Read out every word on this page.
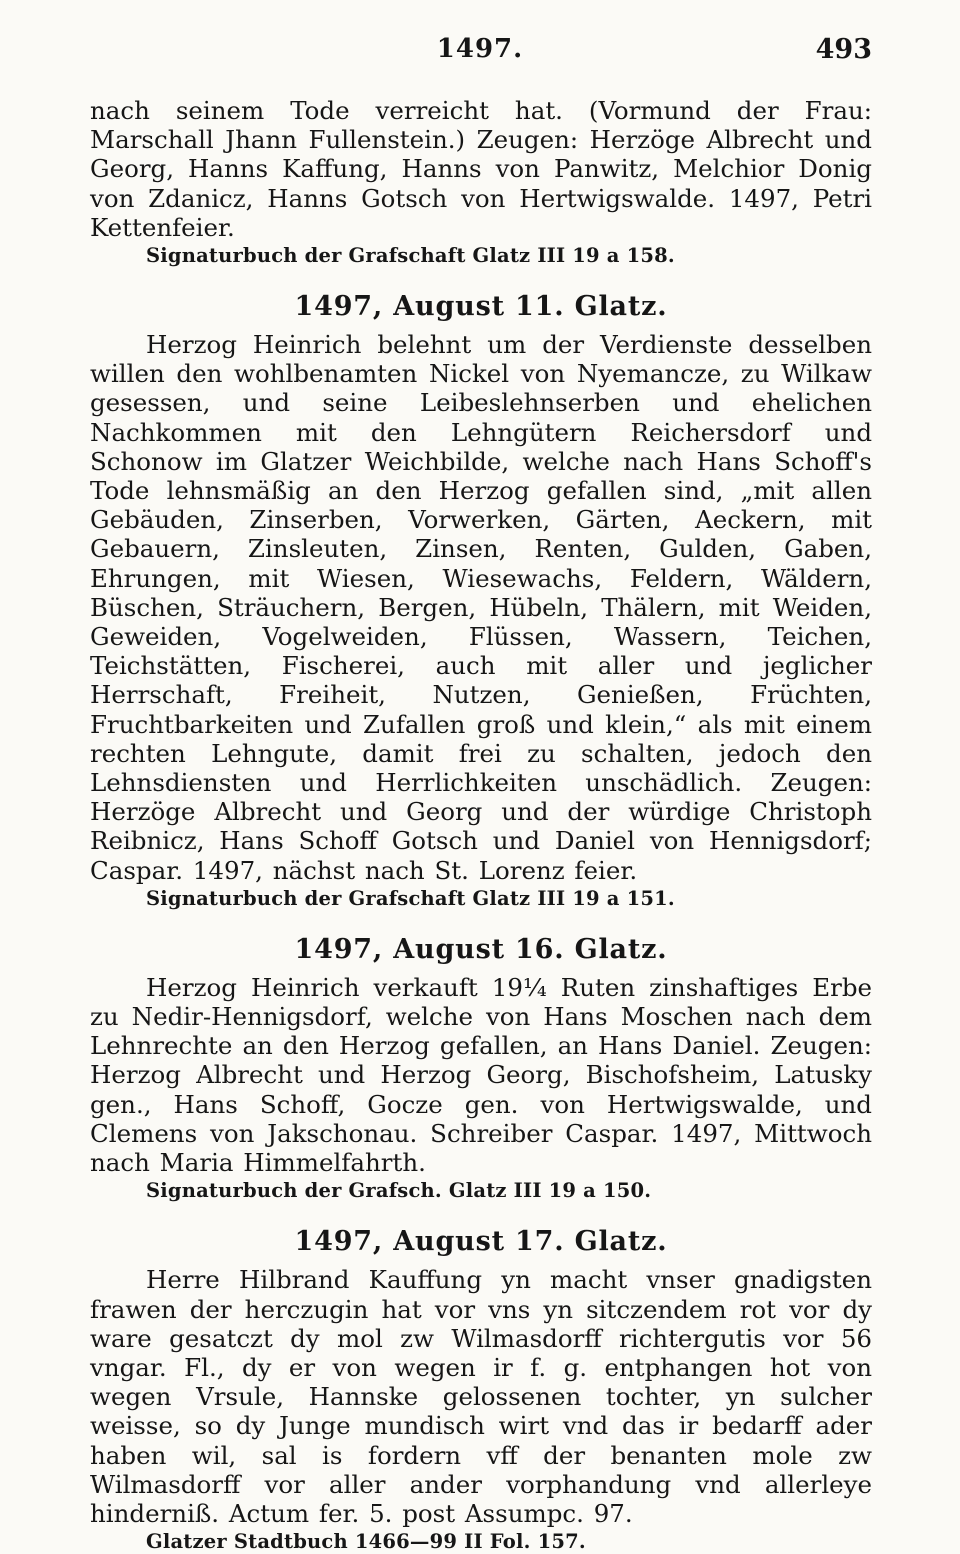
1497.	493

nach seinem Tode verreicht hat. (Vormund der Frau: Marschall Jhann Fullenstein.) Zeugen: Herzöge Albrecht und Georg, Hanns Kaffung, Hanns von Panwitz, Melchior Donig von Zdanicz, Hanns Gotsch von Hertwigswalde. 1497, Petri Kettenfeier.

Signaturbuch der Grafschaft Glatz III 19 a 158.
1497, August 11. Glatz.

Herzog Heinrich belehnt um der Verdienste desselben willen den wohlbenamten Nickel von Nyemancze, zu Wilkaw gesessen, und seine Leibeslehnserben und ehelichen Nachkommen mit den Lehngütern Reichersdorf und Schonow im Glatzer Weichbilde, welche nach Hans Schoff's Tode lehnsmäßig an den Herzog gefallen sind, „mit allen Gebäuden, Zinserben, Vorwerken, Gärten, Aeckern, mit Gebauern, Zinsleuten, Zinsen, Renten, Gulden, Gaben, Ehrungen, mit Wiesen, Wiesewachs, Feldern, Wäldern, Büschen, Sträuchern, Bergen, Hübeln, Thälern, mit Weiden, Geweiden, Vogelweiden, Flüssen, Wassern, Teichen, Teichstätten, Fischerei, auch mit aller und jeglicher Herrschaft, Freiheit, Nutzen, Genießen, Früchten, Fruchtbarkeiten und Zufallen groß und klein,“ als mit einem rechten Lehngute, damit frei zu schalten, jedoch den Lehnsdiensten und Herrlichkeiten unschädlich. Zeugen: Herzöge Albrecht und Georg und der würdige Christoph Reibnicz, Hans Schoff Gotsch und Daniel von Hennigsdorf; Caspar. 1497, nächst nach St. Lorenz feier.

Signaturbuch der Grafschaft Glatz III 19 a 151.
1497, August 16. Glatz.

Herzog Heinrich verkauft 19¼ Ruten zinshaftiges Erbe zu Nedir-Hennigsdorf, welche von Hans Moschen nach dem Lehnrechte an den Herzog gefallen, an Hans Daniel. Zeugen: Herzog Albrecht und Herzog Georg, Bischofsheim, Latusky gen., Hans Schoff, Gocze gen. von Hertwigswalde, und Clemens von Jakschonau. Schreiber Caspar. 1497, Mittwoch nach Maria Himmelfahrth.

Signaturbuch der Grafsch. Glatz III 19 a 150.
1497, August 17. Glatz.

Herre Hilbrand Kauffung yn macht vnser gnadigsten frawen der herczugin hat vor vns yn sitczendem rot vor dy ware gesatczt dy mol zw Wilmasdorff richtergutis vor 56 vngar. Fl., dy er von wegen ir f. g. entphangen hot von wegen Vrsule, Hannske gelossenen tochter, yn sulcher weisse, so dy Junge mundisch wirt vnd das ir bedarff ader haben wil, sal is fordern vff der benanten mole zw Wilmasdorff vor aller ander vorphandung vnd allerleye hinderniß. Actum fer. 5. post Assumpc. 97.

Glatzer Stadtbuch 1466—99 II Fol. 157.
